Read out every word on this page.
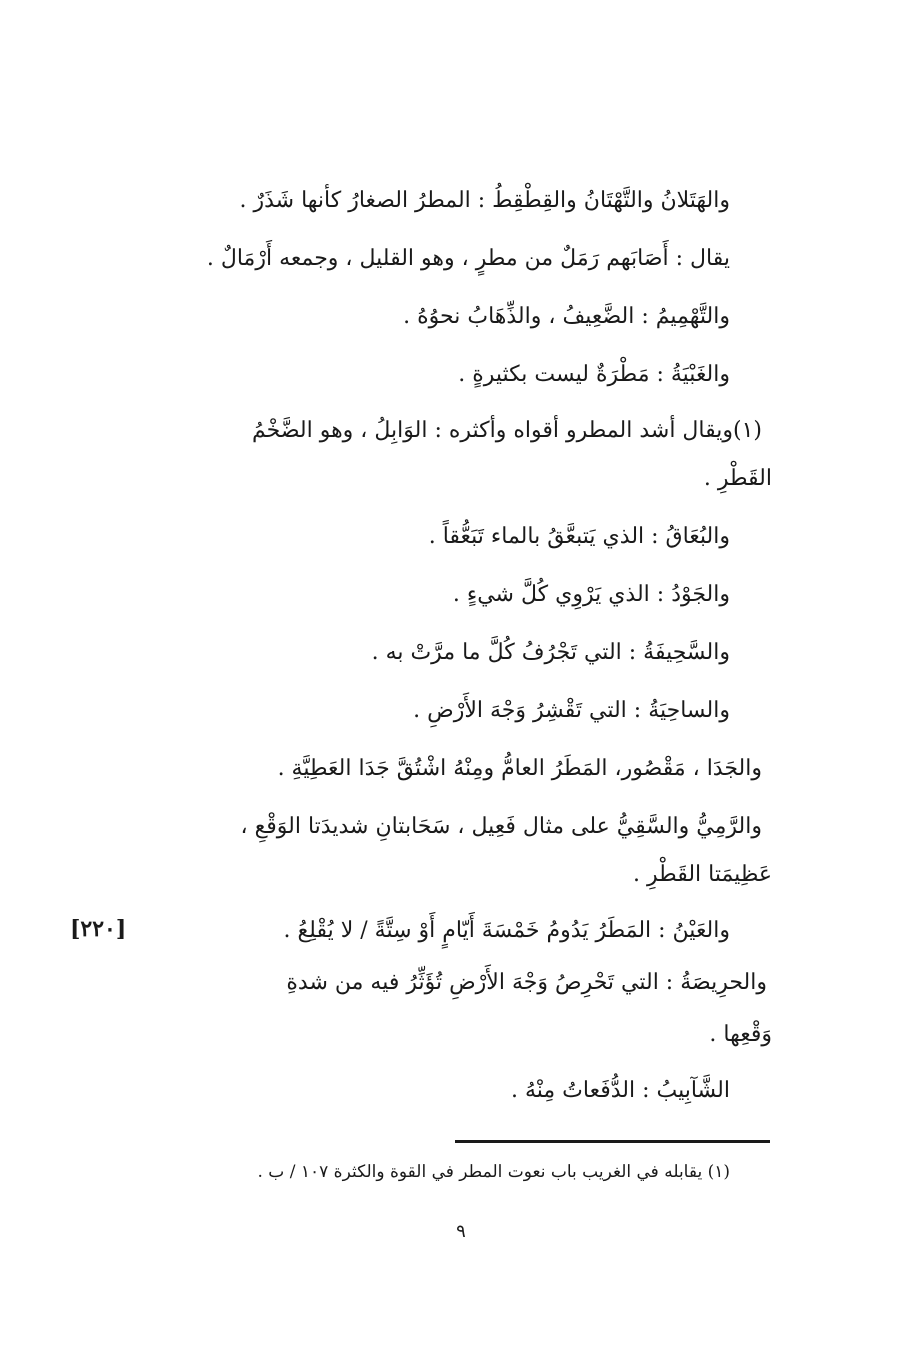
والهَتَلانُ والتَّهْتَانُ والقِطْقِطُ : المطرُ الصغارُ كأنها شَذَرٌ .
يقال : أَصَابَهم رَمَلٌ من مطرٍ ، وهو القليل ، وجمعه أَرْمَالٌ .
والتَّهْمِيمُ : الضَّعِيفُ ، والذِّهَابُ نحوُهُ .
والغَبْيَةُ : مَطْرَةٌ ليست بكثيرةٍ .
(١)ويقال أشد المطرو أقواه وأكثره : الوَابِلُ ، وهو الضَّخْمُ
القَطْرِ .
والبُعَاقُ : الذي يَتبعَّقُ بالماء تَبَعُّقاً .
والجَوْدُ : الذي يَرْوِي كُلَّ شيءٍ .
والسَّحِيفَةُ : التي تَجْرُفُ كُلَّ ما مرَّتْ به .
والساحِيَةُ : التي تَقْشِرُ وَجْهَ الأَرْضِ .
والجَدَا ، مَقْصُور، المَطَرُ العامُّ ومِنْهُ اشْتُقَّ جَدَا العَطِيَّةِ .
والرَّمِيُّ والسَّقِيُّ على مثال فَعِيل ، سَحَابتانِ شديدَتا الوَقْعِ ،
عَظِيمَتا القَطْرِ .
والعَيْنُ : المَطَرُ يَدُومُ خَمْسَةَ أَيّامٍ أَوْ سِتَّةً / لا يُقْلِعُ .
والحرِيصَةُ : التي تَحْرِصُ وَجْهَ الأَرْضِ تُؤَثِّرُ فيه من شدةِ
وَقْعِها .
الشَّآبِيبُ : الدُّفَعاتُ مِنْهُ .
[٢٢٠]
(١) يقابله في الغريب باب نعوت المطر في القوة والكثرة ١٠٧ / ب .
٩
